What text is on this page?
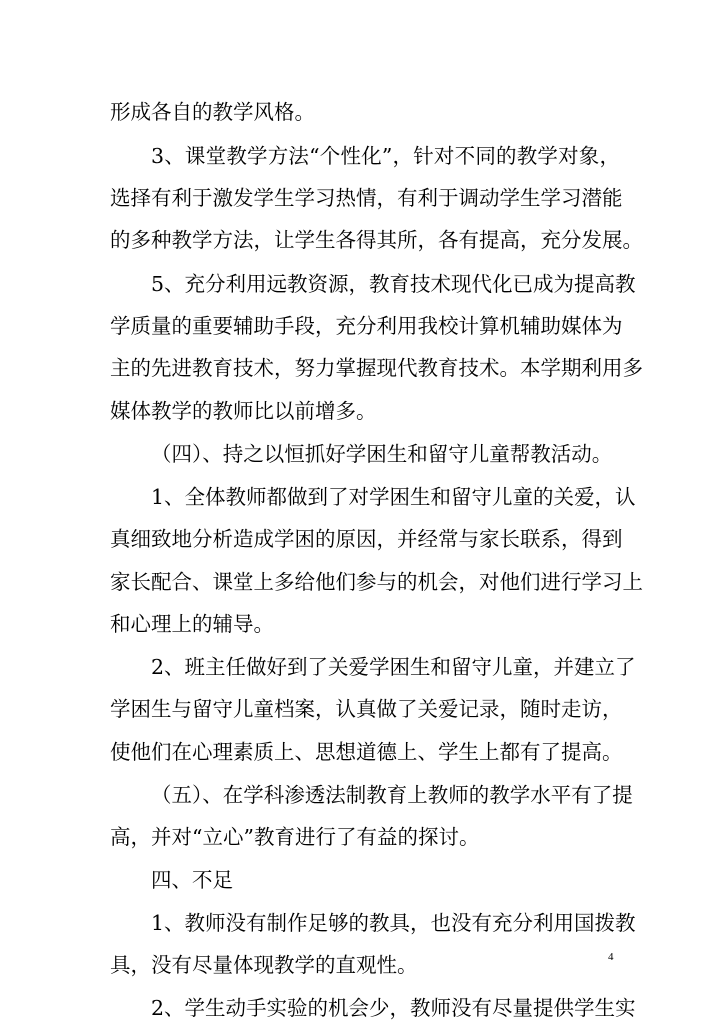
形成各自的教学风格。
3、课堂教学方法“个性化”，针对不同的教学对象，
选择有利于激发学生学习热情，有利于调动学生学习潜能
的多种教学方法，让学生各得其所，各有提高，充分发展。
5、充分利用远教资源，教育技术现代化已成为提高教
学质量的重要辅助手段，充分利用我校计算机辅助媒体为
主的先进教育技术，努力掌握现代教育技术。本学期利用多
媒体教学的教师比以前增多。
（四）、持之以恒抓好学困生和留守儿童帮教活动。
1、全体教师都做到了对学困生和留守儿童的关爱，认
真细致地分析造成学困的原因，并经常与家长联系，得到
家长配合、课堂上多给他们参与的机会，对他们进行学习上
和心理上的辅导。
2、班主任做好到了关爱学困生和留守儿童，并建立了
学困生与留守儿童档案，认真做了关爱记录，随时走访，
使他们在心理素质上、思想道德上、学生上都有了提高。
（五）、在学科渗透法制教育上教师的教学水平有了提
高，并对“立心”教育进行了有益的探讨。
四、不足
1、教师没有制作足够的教具，也没有充分利用国拨教
具，没有尽量体现教学的直观性。
2、学生动手实验的机会少，教师没有尽量提供学生实
4
